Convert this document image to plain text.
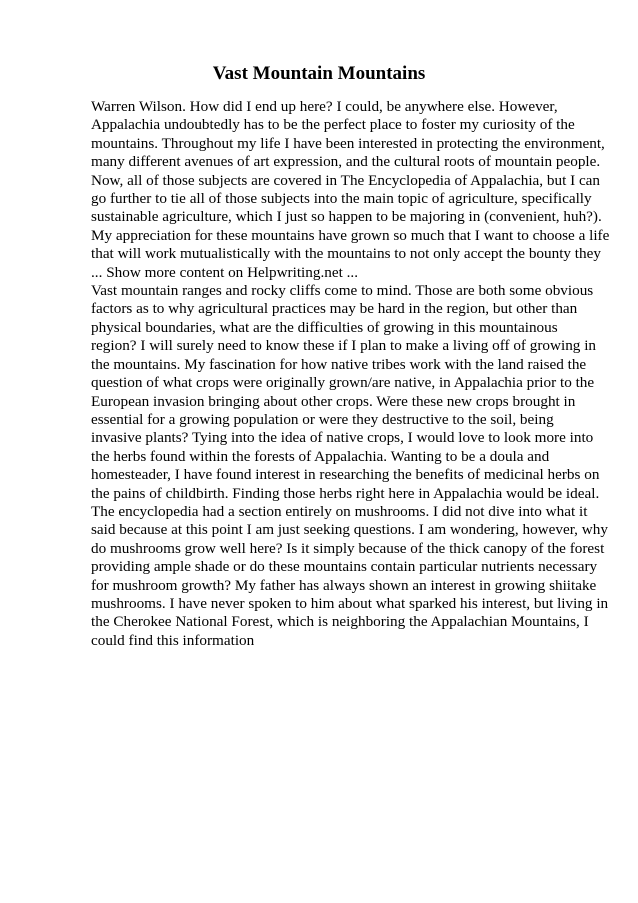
Vast Mountain Mountains
Warren Wilson. How did I end up here? I could, be anywhere else. However,
Appalachia undoubtedly has to be the perfect place to foster my curiosity of the
mountains. Throughout my life I have been interested in protecting the environment,
many different avenues of art expression, and the cultural roots of mountain people.
Now, all of those subjects are covered in The Encyclopedia of Appalachia, but I can
go further to tie all of those subjects into the main topic of agriculture, specifically
sustainable agriculture, which I just so happen to be majoring in (convenient, huh?).
My appreciation for these mountains have grown so much that I want to choose a life
that will work mutualistically with the mountains to not only accept the bounty they
... Show more content on Helpwriting.net ...
Vast mountain ranges and rocky cliffs come to mind. Those are both some obvious
factors as to why agricultural practices may be hard in the region, but other than
physical boundaries, what are the difficulties of growing in this mountainous
region? I will surely need to know these if I plan to make a living off of growing in
the mountains. My fascination for how native tribes work with the land raised the
question of what crops were originally grown/are native, in Appalachia prior to the
European invasion bringing about other crops. Were these new crops brought in
essential for a growing population or were they destructive to the soil, being
invasive plants? Tying into the idea of native crops, I would love to look more into
the herbs found within the forests of Appalachia. Wanting to be a doula and
homesteader, I have found interest in researching the benefits of medicinal herbs on
the pains of childbirth. Finding those herbs right here in Appalachia would be ideal.
The encyclopedia had a section entirely on mushrooms. I did not dive into what it
said because at this point I am just seeking questions. I am wondering, however, why
do mushrooms grow well here? Is it simply because of the thick canopy of the forest
providing ample shade or do these mountains contain particular nutrients necessary
for mushroom growth? My father has always shown an interest in growing shiitake
mushrooms. I have never spoken to him about what sparked his interest, but living in
the Cherokee National Forest, which is neighboring the Appalachian Mountains, I
could find this information
